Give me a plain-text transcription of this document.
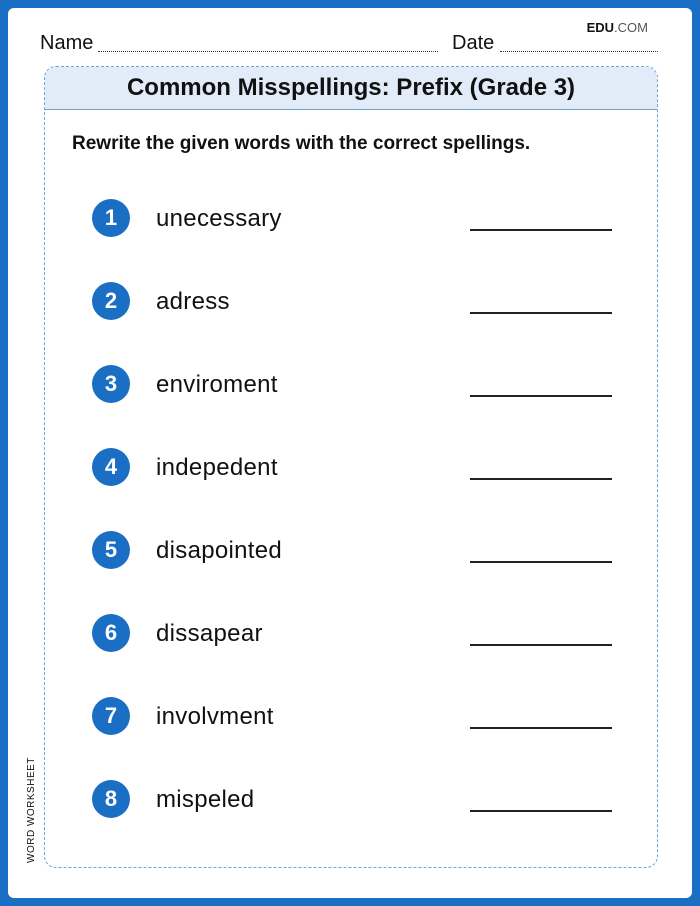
EDU.COM
Name	Date
Common Misspellings: Prefix (Grade 3)
Rewrite the given words with the correct spellings.
1	unecessary
2	adress
3	enviroment
4	indepedent
5	disapointed
6	dissapear
7	involvment
8	mispeled
WORD WORKSHEET
